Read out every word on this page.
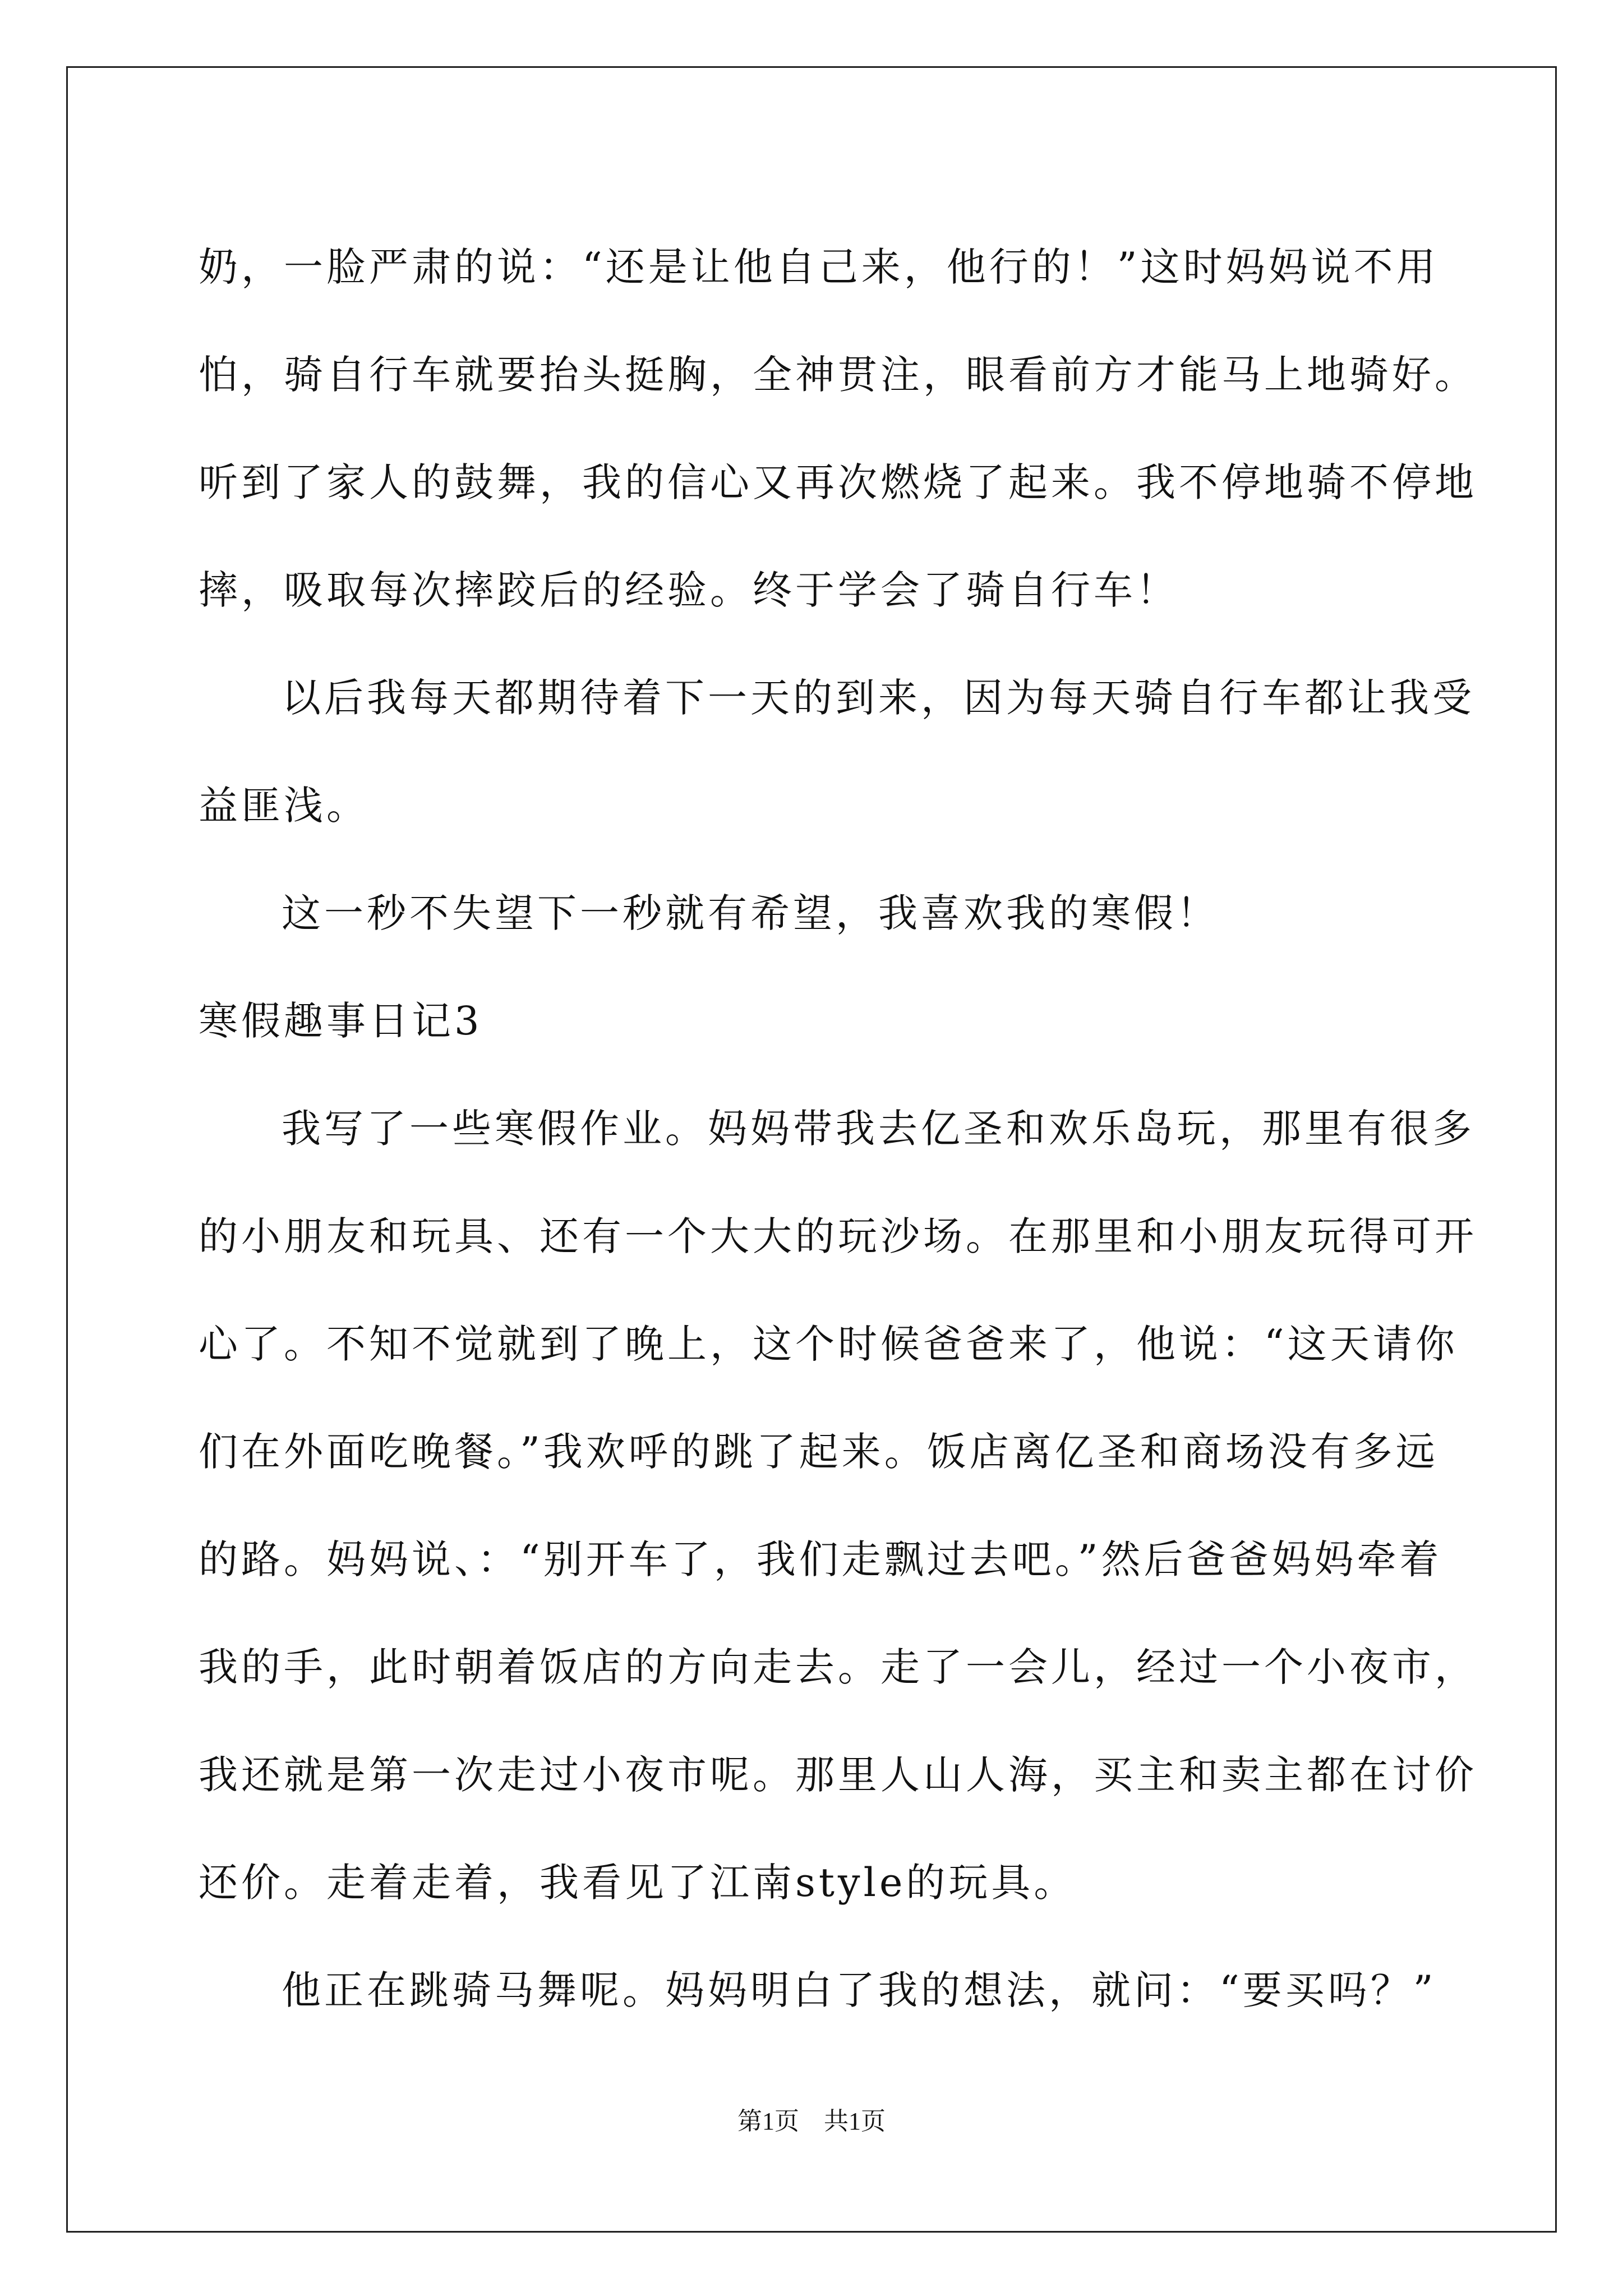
奶，一脸严肃的说：“还是让他自己来，他行的！”这时妈妈说不用
怕，骑自行车就要抬头挺胸，全神贯注，眼看前方才能马上地骑好。
听到了家人的鼓舞，我的信心又再次燃烧了起来。我不停地骑不停地
摔，吸取每次摔跤后的经验。终于学会了骑自行车！
以后我每天都期待着下一天的到来，因为每天骑自行车都让我受
益匪浅。
这一秒不失望下一秒就有希望，我喜欢我的寒假！
寒假趣事日记3
我写了一些寒假作业。妈妈带我去亿圣和欢乐岛玩，那里有很多
的小朋友和玩具、还有一个大大的玩沙场。在那里和小朋友玩得可开
心了。不知不觉就到了晚上，这个时候爸爸来了，他说：“这天请你
们在外面吃晚餐。”我欢呼的跳了起来。饭店离亿圣和商场没有多远
的路。妈妈说、：“别开车了，我们走飘过去吧。”然后爸爸妈妈牵着
我的手，此时朝着饭店的方向走去。走了一会儿，经过一个小夜市，
我还就是第一次走过小夜市呢。那里人山人海，买主和卖主都在讨价
还价。走着走着，我看见了江南style的玩具。
他正在跳骑马舞呢。妈妈明白了我的想法，就问：“要买吗？”
第1页　共1页
